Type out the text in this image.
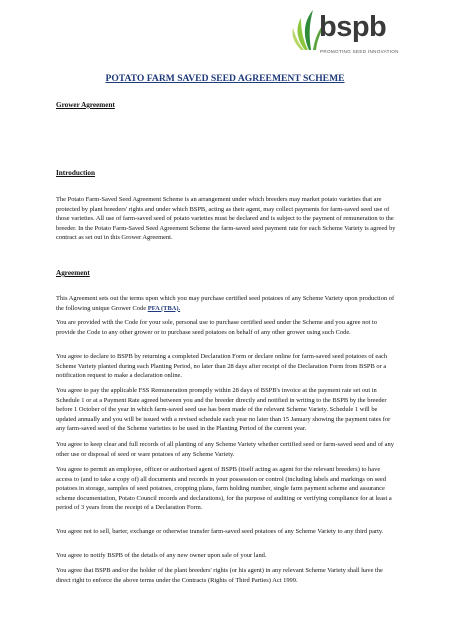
bspb
PROMOTING SEED INNOVATION
POTATO FARM SAVED SEED AGREEMENT SCHEME
Grower Agreement
Introduction

The Potato Farm-Saved Seed Agreement Scheme is an arrangement under which breeders may market potato varieties that are protected by plant breeders' rights and under which BSPB, acting as their agent, may collect payments for farm-saved seed use of those varieties. All use of farm-saved seed of potato varieties must be declared and is subject to the payment of remuneration to the breeder. In the Potato Farm-Saved Seed Agreement Scheme the farm-saved seed payment rate for each Scheme Variety is agreed by contract as set out in this Grower Agreement.

Agreement

This Agreement sets out the terms upon which you may purchase certified seed potatoes of any Scheme Variety upon production of the following unique Grower Code PFA (TBA).

You are provided with the Code for your sole, personal use to purchase certified seed under the Scheme and you agree not to provide the Code to any other grower or to purchase seed potatoes on behalf of any other grower using such Code.

You agree to declare to BSPB by returning a completed Declaration Form or declare online for farm-saved seed potatoes of each Scheme Variety planted during each Planting Period, no later than 28 days after receipt of the Declaration Form from BSPB or a notification request to make a declaration online.

You agree to pay the applicable FSS Remuneration promptly within 28 days of BSPB's invoice at the payment rate set out in Schedule 1 or at a Payment Rate agreed between you and the breeder directly and notified in writing to the BSPB by the breeder before 1 October of the year in which farm-saved seed use has been made of the relevant Scheme Variety. Schedule 1 will be updated annually and you will be issued with a revised schedule each year no later than 15 January showing the payment rates for any farm-saved seed of the Scheme varieties to be used in the Planting Period of the current year.

You agree to keep clear and full records of all planting of any Scheme Variety whether certified seed or farm-saved seed and of any other use or disposal of seed or ware potatoes of any Scheme Variety.

You agree to permit an employee, officer or authorised agent of BSPB (itself acting as agent for the relevant breeders) to have access to (and to take a copy of) all documents and records in your possession or control (including labels and markings on seed potatoes in storage, samples of seed potatoes, cropping plans, farm holding number, single farm payment scheme and assurance scheme documentation, Potato Council records and declarations), for the purpose of auditing or verifying compliance for at least a period of 3 years from the receipt of a Declaration Form.

You agree not to sell, barter, exchange or otherwise transfer farm-saved seed potatoes of any Scheme Variety to any third party.

You agree to notify BSPB of the details of any new owner upon sale of your land.

You agree that BSPB and/or the holder of the plant breeders' rights (or his agent) in any relevant Scheme Variety shall have the direct right to enforce the above terms under the Contracts (Rights of Third Parties) Act 1999.
